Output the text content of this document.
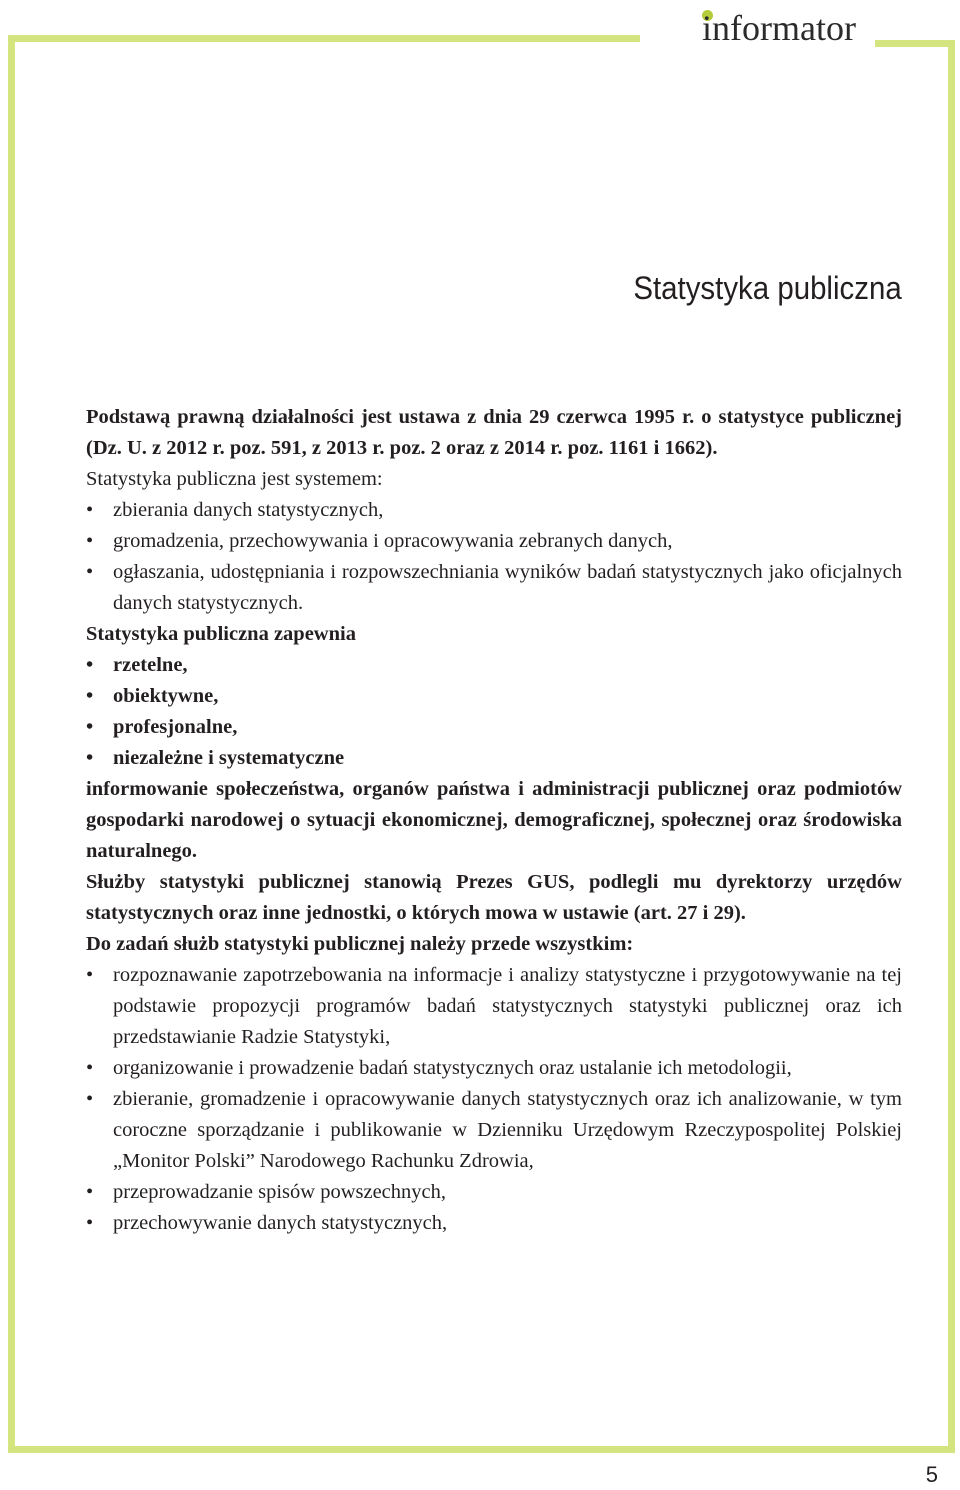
informator
Statystyka publiczna

Podstawą prawną działalności jest ustawa z dnia 29 czerwca 1995 r. o statystyce publicznej (Dz. U. z 2012 r. poz. 591, z 2013 r. poz. 2 oraz z 2014 r. poz. 1161 i 1662).

Statystyka publiczna jest systemem:

• zbierania danych statystycznych,
• gromadzenia, przechowywania i opracowywania zebranych danych,
• ogłaszania, udostępniania i rozpowszechniania wyników badań statystycznych jako oficjalnych danych statystycznych.

Statystyka publiczna zapewnia

• rzetelne,
• obiektywne,
• profesjonalne,
• niezależne i systematyczne

informowanie społeczeństwa, organów państwa i administracji publicznej oraz podmiotów gospodarki narodowej o sytuacji ekonomicznej, demograficznej, społecznej oraz środowiska naturalnego.

Służby statystyki publicznej stanowią Prezes GUS, podlegli mu dyrektorzy urzędów statystycznych oraz inne jednostki, o których mowa w ustawie (art. 27 i 29).

Do zadań służb statystyki publicznej należy przede wszystkim:

• rozpoznawanie zapotrzebowania na informacje i analizy statystyczne i przygotowywanie na tej podstawie propozycji programów badań statystycznych statystyki publicznej oraz ich przedstawianie Radzie Statystyki,
• organizowanie i prowadzenie badań statystycznych oraz ustalanie ich metodologii,
• zbieranie, gromadzenie i opracowywanie danych statystycznych oraz ich analizowanie, w tym coroczne sporządzanie i publikowanie w Dzienniku Urzędowym Rzeczypospolitej Polskiej „Monitor Polski” Narodowego Rachunku Zdrowia,
• przeprowadzanie spisów powszechnych,
• przechowywanie danych statystycznych,
5
